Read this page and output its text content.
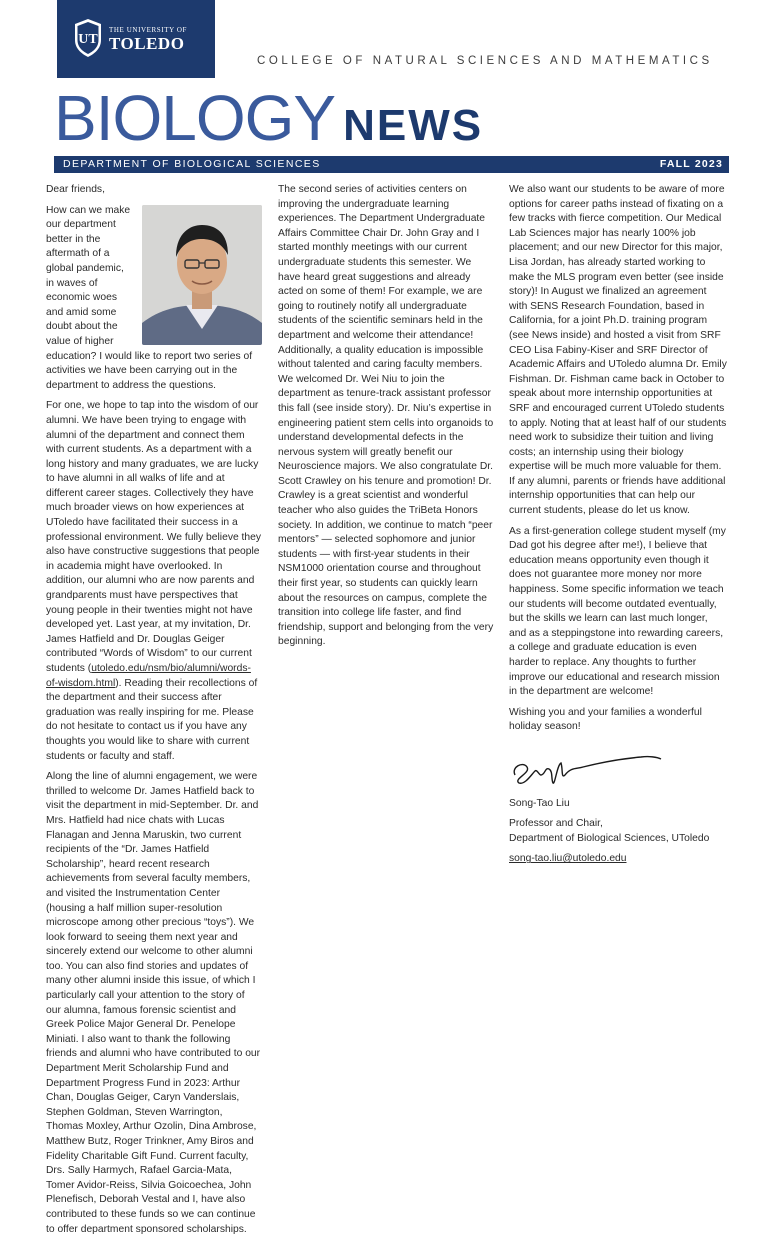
UT
THE UNIVERSITY OF
TOLEDO
COLLEGE OF NATURAL SCIENCES AND MATHEMATICS
BIOLOGY NEWS
DEPARTMENT OF BIOLOGICAL SCIENCES	FALL 2023

Dear friends,

How can we make our department better in the aftermath of a global pandemic, in waves of economic woes and amid some doubt about the value of higher education? I would like to report two series of activities we have been carrying out in the department to address the questions.

For one, we hope to tap into the wisdom of our alumni. We have been trying to engage with alumni of the department and connect them with current students. As a department with a long history and many graduates, we are lucky to have alumni in all walks of life and at different career stages. Collectively they have much broader views on how experiences at UToledo have facilitated their success in a professional environment. We fully believe they also have constructive suggestions that people in academia might have overlooked. In addition, our alumni who are now parents and grandparents must have perspectives that young people in their twenties might not have developed yet. Last year, at my invitation, Dr. James Hatfield and Dr. Douglas Geiger contributed “Words of Wisdom” to our current students (utoledo.edu/nsm/bio/alumni/words-of-wisdom.html). Reading their recollections of the department and their success after graduation was really inspiring for me. Please do not hesitate to contact us if you have any thoughts you would like to share with current students or faculty and staff.

Along the line of alumni engagement, we were thrilled to welcome Dr. James Hatfield back to visit the department in mid-September. Dr. and Mrs. Hatfield had nice chats with Lucas Flanagan and Jenna Maruskin, two current recipients of the “Dr. James Hatfield Scholarship”, heard recent research achievements from several faculty members, and visited the Instrumentation Center (housing a half million super-resolution microscope among other precious “toys”). We look forward to seeing them next year and sincerely extend our welcome to other alumni too. You can also find stories and updates of many other alumni inside this issue, of which I particularly call your attention to the story of our alumna, famous forensic scientist and Greek Police Major General Dr. Penelope Miniati. I also want to thank the following friends and alumni who have contributed to our Department Merit Scholarship Fund and Department Progress Fund in 2023: Arthur Chan, Douglas Geiger, Caryn Vanderslais, Stephen Goldman, Steven Warrington, Thomas Moxley, Arthur Ozolin, Dina Ambrose, Matthew Butz, Roger Trinkner, Amy Biros and Fidelity Charitable Gift Fund. Current faculty, Drs. Sally Harmych, Rafael Garcia-Mata, Tomer Avidor-Reiss, Silvia Goicoechea, John Plenefisch, Deborah Vestal and I, have also contributed to these funds so we can continue to offer department sponsored scholarships.

The second series of activities centers on improving the undergraduate learning experiences. The Department Undergraduate Affairs Committee Chair Dr. John Gray and I started monthly meetings with our current undergraduate students this semester. We have heard great suggestions and already acted on some of them! For example, we are going to routinely notify all undergraduate students of the scientific seminars held in the department and welcome their attendance! Additionally, a quality education is impossible without talented and caring faculty members. We welcomed Dr. Wei Niu to join the department as tenure-track assistant professor this fall (see inside story). Dr. Niu’s expertise in engineering patient stem cells into organoids to understand developmental defects in the nervous system will greatly benefit our Neuroscience majors. We also congratulate Dr. Scott Crawley on his tenure and promotion! Dr. Crawley is a great scientist and wonderful teacher who also guides the TriBeta Honors society. In addition, we continue to match “peer mentors” — selected sophomore and junior students — with first-year students in their NSM1000 orientation course and throughout their first year, so students can quickly learn about the resources on campus, complete the transition into college life faster, and find friendship, support and belonging from the very beginning.

We also want our students to be aware of more options for career paths instead of fixating on a few tracks with fierce competition. Our Medical Lab Sciences major has nearly 100% job placement; and our new Director for this major, Lisa Jordan, has already started working to make the MLS program even better (see inside story)! In August we finalized an agreement with SENS Research Foundation, based in California, for a joint Ph.D. training program (see News inside) and hosted a visit from SRF CEO Lisa Fabiny-Kiser and SRF Director of Academic Affairs and UToledo alumna Dr. Emily Fishman. Dr. Fishman came back in October to speak about more internship opportunities at SRF and encouraged current UToledo students to apply. Noting that at least half of our students need work to subsidize their tuition and living costs; an internship using their biology expertise will be much more valuable for them. If any alumni, parents or friends have additional internship opportunities that can help our current students, please do let us know.

As a first-generation college student myself (my Dad got his degree after me!), I believe that education means opportunity even though it does not guarantee more money nor more happiness. Some specific information we teach our students will become outdated eventually, but the skills we learn can last much longer, and as a steppingstone into rewarding careers, a college and graduate education is even harder to replace. Any thoughts to further improve our educational and research mission in the department are welcome!

Wishing you and your families a wonderful holiday season!

Song-Tao Liu

Professor and Chair,
Department of Biological Sciences, UToledo
song-tao.liu@utoledo.edu
